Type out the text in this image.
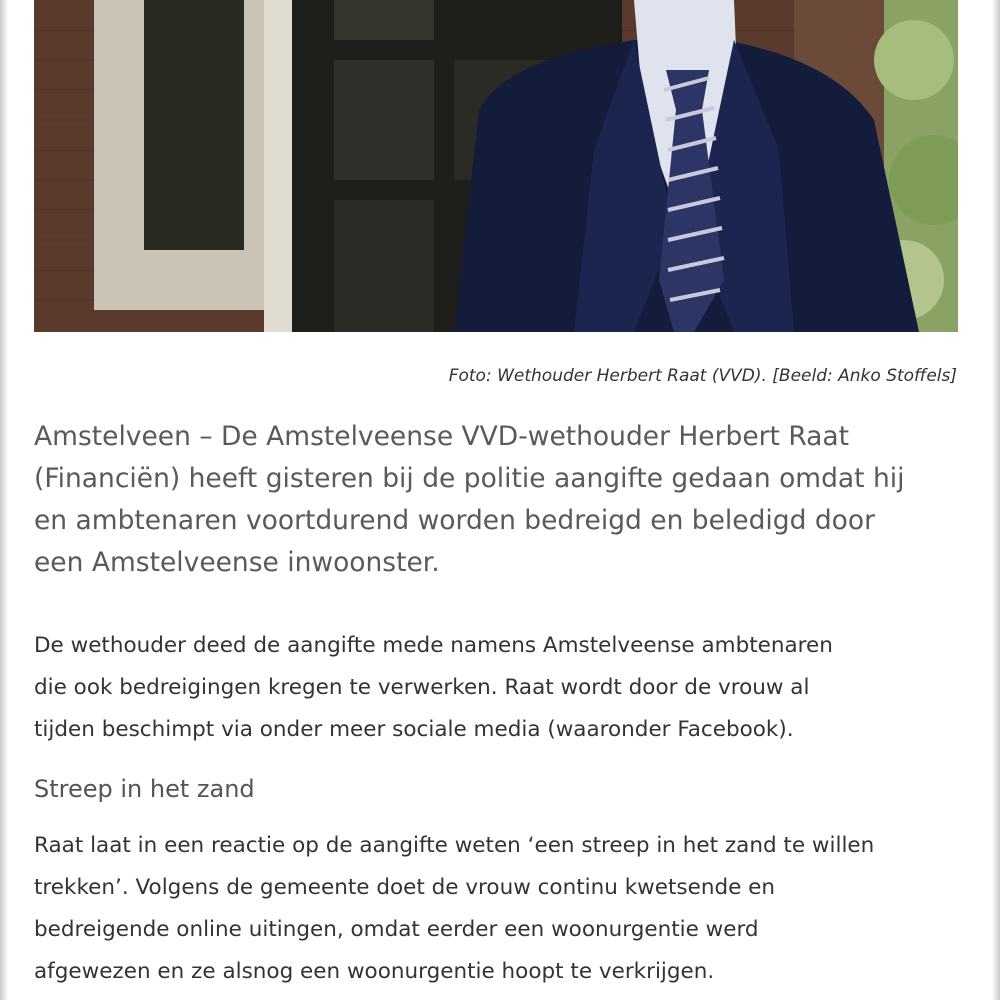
Foto: Wethouder Herbert Raat (VVD). [Beeld: Anko Stoffels]

Amstelveen – De Amstelveense VVD-wethouder Herbert Raat
(Financiën) heeft gisteren bij de politie aangifte gedaan omdat hij
en ambtenaren voortdurend worden bedreigd en beledigd door
een Amstelveense inwoonster.

De wethouder deed de aangifte mede namens Amstelveense ambtenaren
die ook bedreigingen kregen te verwerken. Raat wordt door de vrouw al
tijden beschimpt via onder meer sociale media (waaronder Facebook).

Streep in het zand

Raat laat in een reactie op de aangifte weten ‘een streep in het zand te willen
trekken’. Volgens de gemeente doet de vrouw continu kwetsende en
bedreigende online uitingen, omdat eerder een woonurgentie werd
afgewezen en ze alsnog een woonurgentie hoopt te verkrijgen.
